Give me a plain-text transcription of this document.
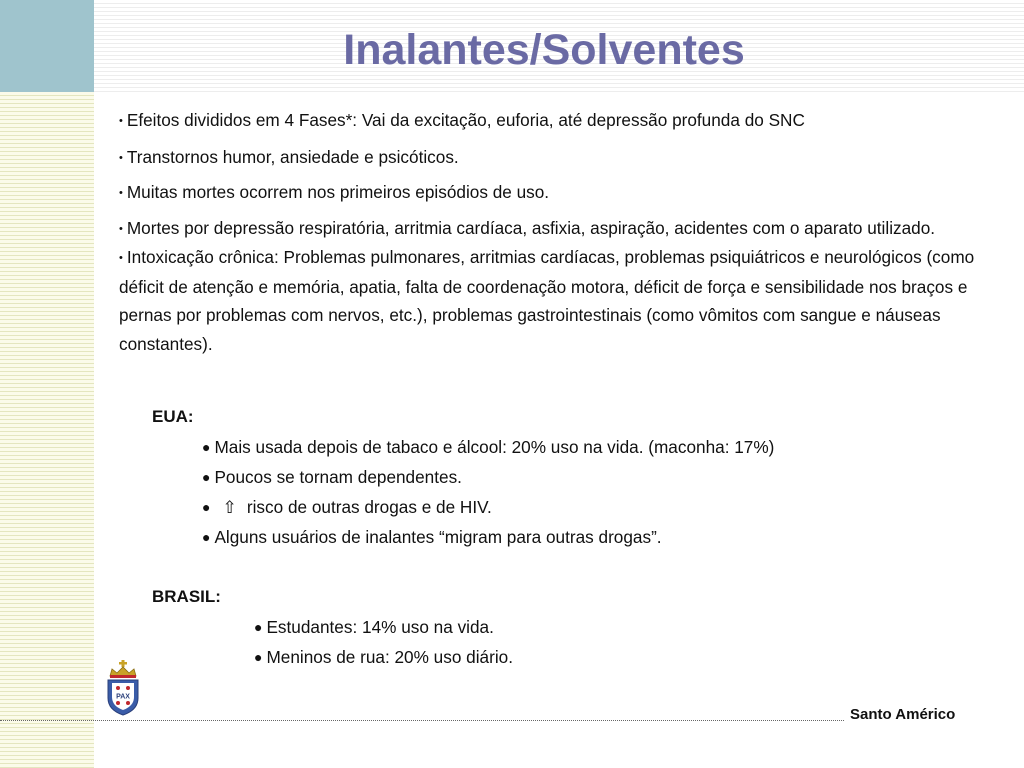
Inalantes/Solventes

• Efeitos divididos em 4 Fases*: Vai da excitação, euforia, até depressão profunda do SNC

• Transtornos humor, ansiedade e psicóticos.

• Muitas mortes ocorrem nos primeiros episódios de uso.

• Mortes por depressão respiratória, arritmia cardíaca, asfixia, aspiração, acidentes com o aparato utilizado.

• Intoxicação crônica: Problemas pulmonares, arritmias cardíacas, problemas psiquiátricos e neurológicos (como déficit de atenção e memória, apatia, falta de coordenação motora, déficit de força e sensibilidade nos braços e pernas por problemas com nervos, etc.), problemas gastrointestinais (como vômitos com sangue e náuseas constantes).

EUA:

● Mais usada depois de tabaco e álcool: 20% uso na vida. (maconha: 17%)

● Poucos se tornam dependentes.

● ⇧ risco de outras drogas e de HIV.

● Alguns usuários de inalantes “migram para outras drogas”.

BRASIL:

● Estudantes: 14% uso na vida.

● Meninos de rua: 20% uso diário.

PAX
Santo Américo
